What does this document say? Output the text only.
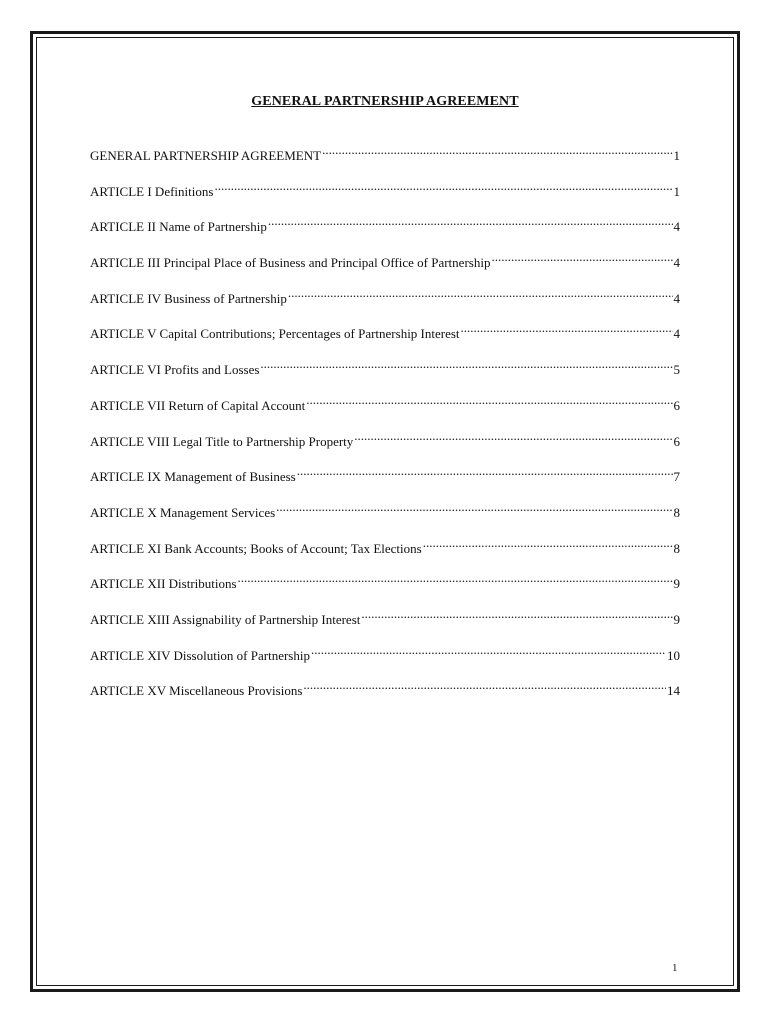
GENERAL PARTNERSHIP AGREEMENT
GENERAL PARTNERSHIP AGREEMENT .....	1
ARTICLE I Definitions .....	1
ARTICLE II Name of Partnership .....	4
ARTICLE III Principal Place of Business and Principal Office of Partnership .....	4
ARTICLE IV Business of Partnership .....	4
ARTICLE V Capital Contributions; Percentages of Partnership Interest .....	4
ARTICLE VI Profits and Losses .....	5
ARTICLE VII Return of Capital Account .....	6
ARTICLE VIII Legal Title to Partnership Property .....	6
ARTICLE IX Management of Business .....	7
ARTICLE X Management Services .....	8
ARTICLE XI Bank Accounts; Books of Account; Tax Elections .....	8
ARTICLE XII Distributions .....	9
ARTICLE XIII Assignability of Partnership Interest .....	9
ARTICLE XIV Dissolution of Partnership .....	10
ARTICLE XV Miscellaneous Provisions .....	14
1
